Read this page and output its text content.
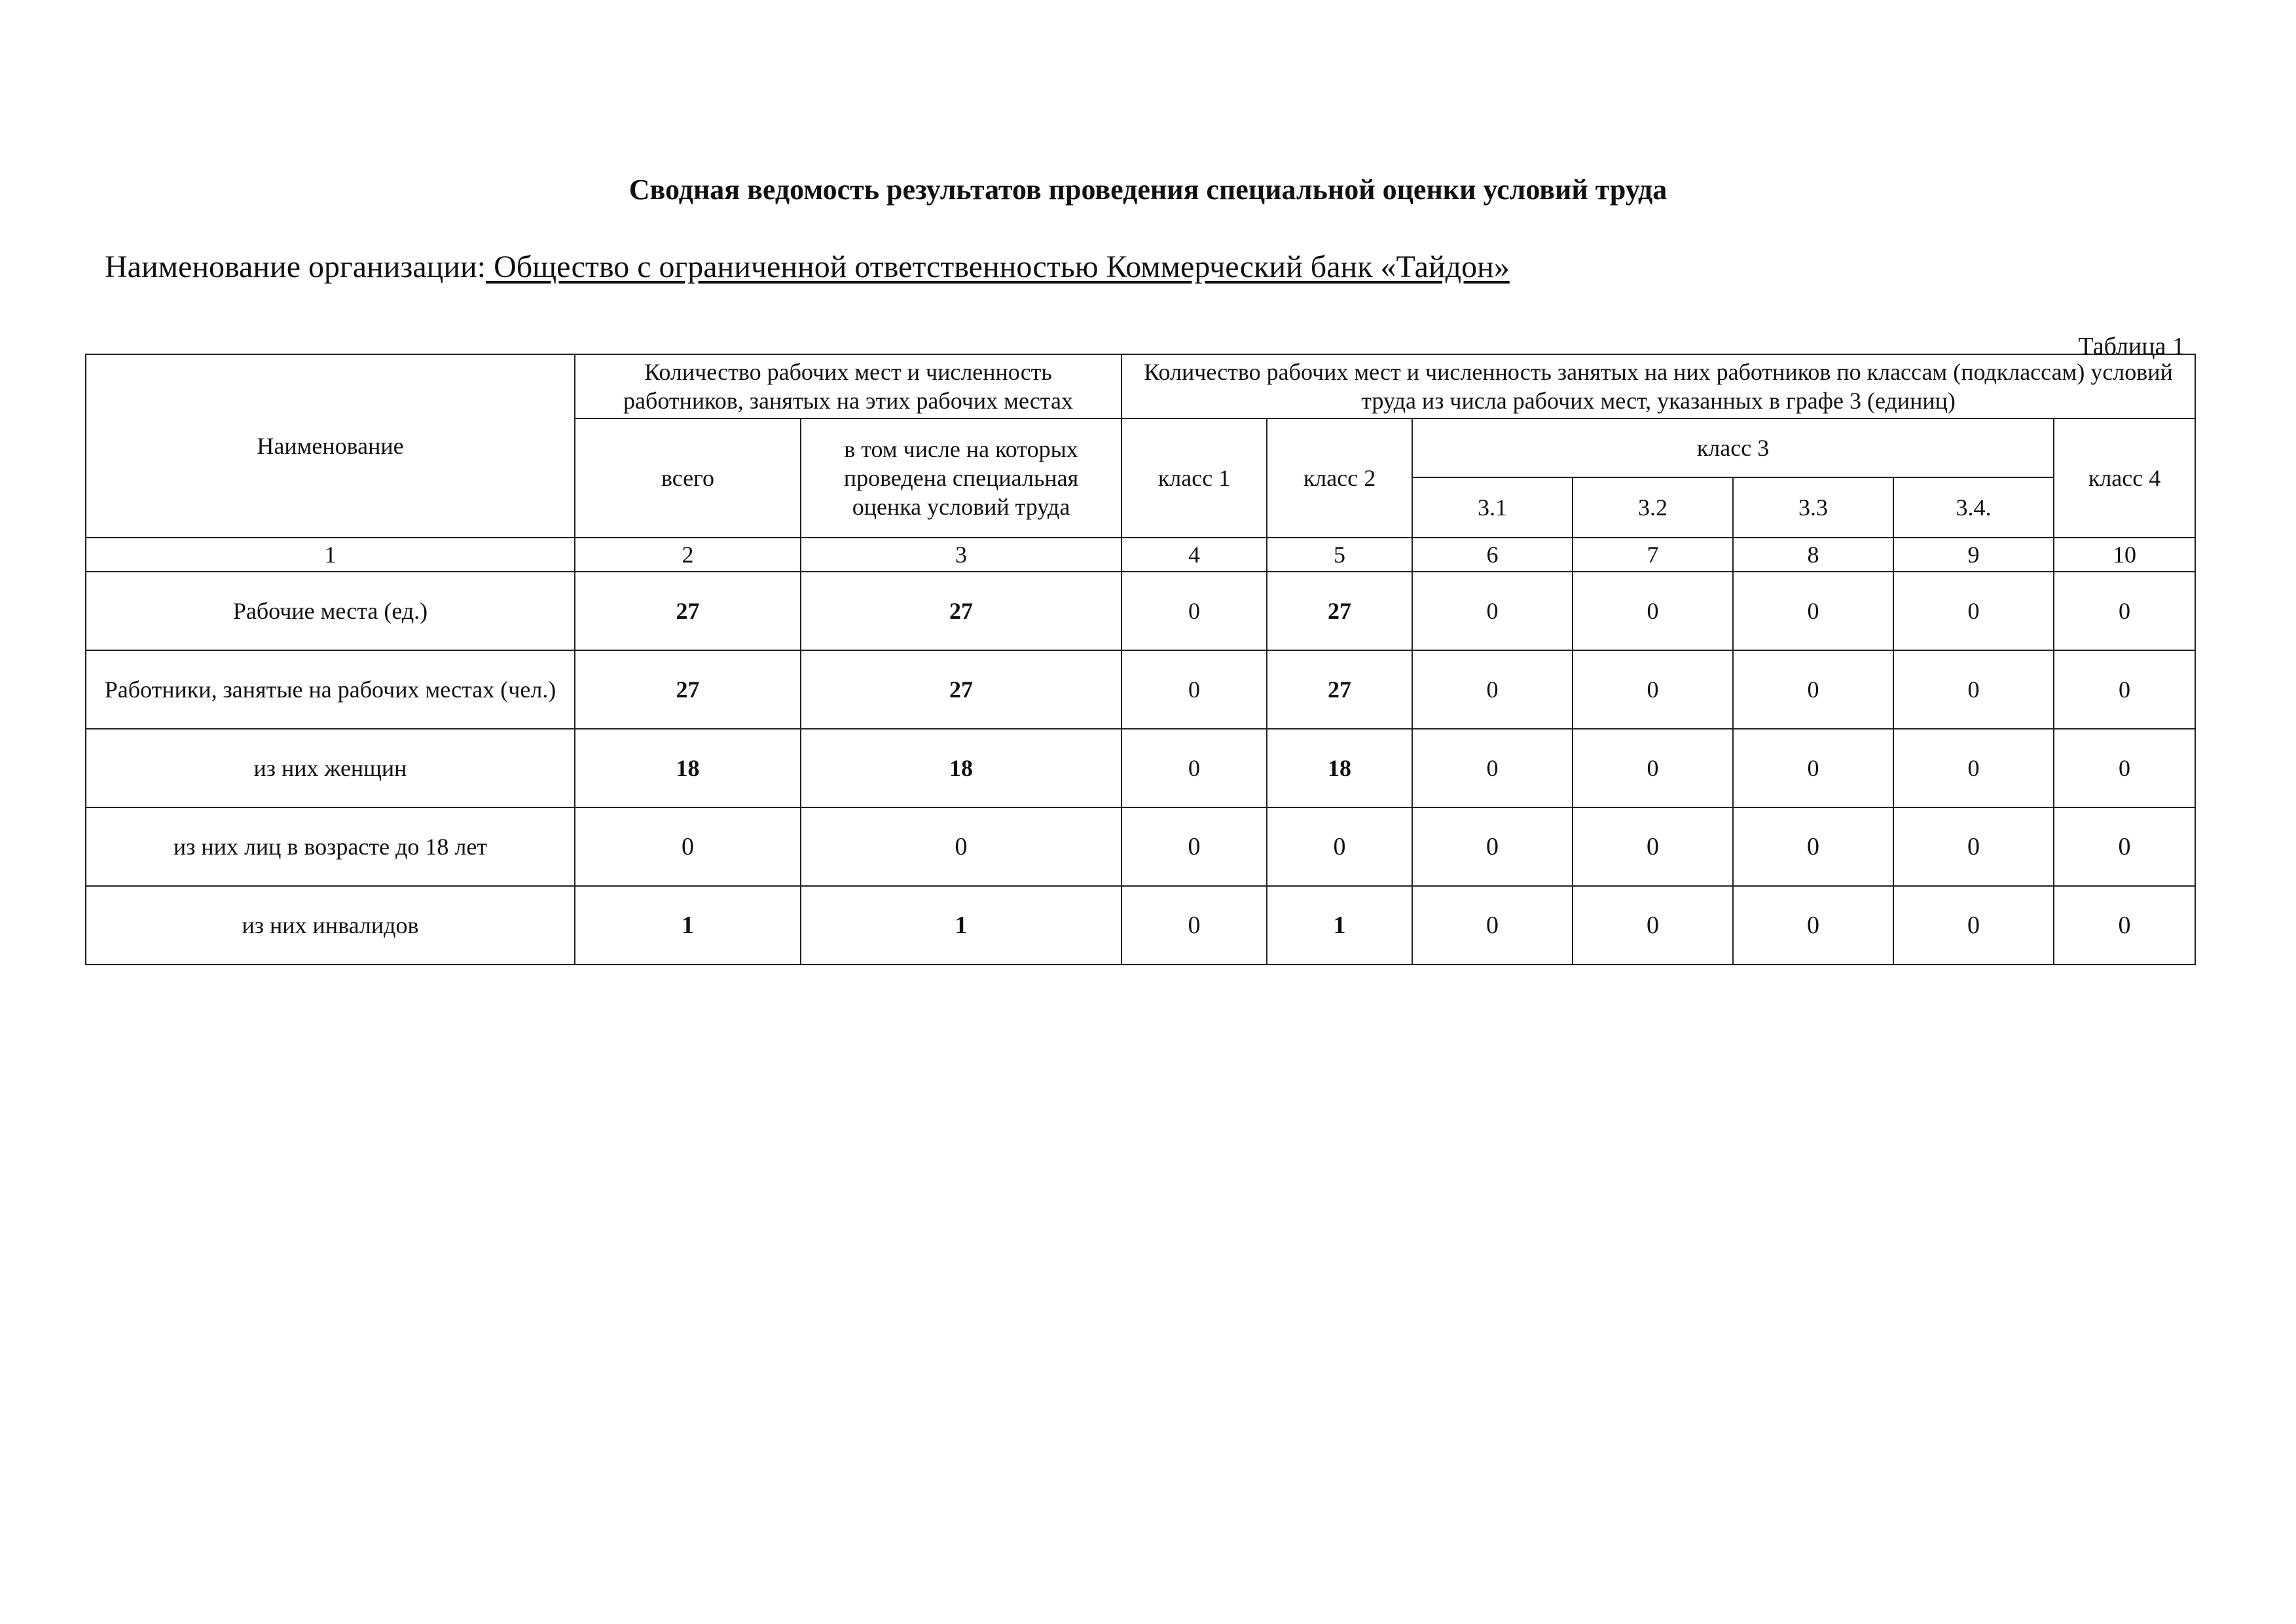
Сводная ведомость результатов проведения специальной оценки условий труда
Наименование организации: Общество с ограниченной ответственностью Коммерческий банк «Тайдон»
Таблица 1
Наименование	Количество рабочих мест и численность работников, занятых на этих рабочих местах		Количество рабочих мест и численность занятых на них работников по классам (подклассам) условий труда из числа рабочих мест, указанных в графе 3 (единиц)						
	всего	в том числе на которых проведена специальная оценка условий труда	класс 1	класс 2	класс 3				класс 4
					3.1	3.2	3.3	3.4.	
1	2	3	4	5	6	7	8	9	10
Рабочие места (ед.)	27	27	0	27	0	0	0	0	0
Работники, занятые на рабочих местах (чел.)	27	27	0	27	0	0	0	0	0
из них женщин	18	18	0	18	0	0	0	0	0
из них лиц в возрасте до 18 лет	0	0	0	0	0	0	0	0	0
из них инвалидов	1	1	0	1	0	0	0	0	0
